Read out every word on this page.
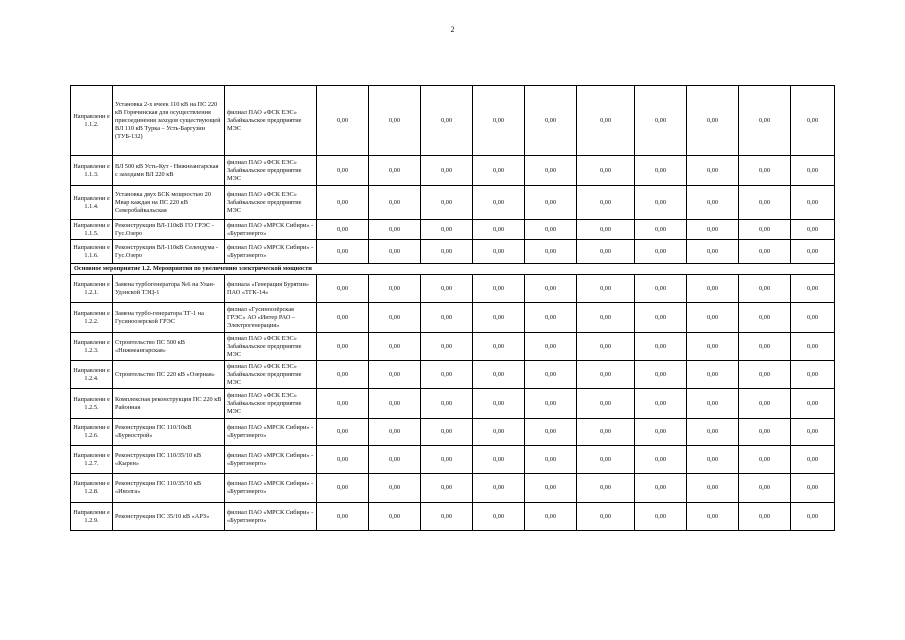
2
Направлени е 1.1.2.	Установка 2-х ячеек 110 кВ на ПС 220 кВ Горячинская для осуществления присоединения заходов существующей ВЛ 110 кВ Турка – Усть-Баргузин (ТУБ-132)	филиал ПАО «ФСК ЕЭС» Забайкальское предприятие МЭС	0,00	0,00	0,00	0,00	0,00	0,00	0,00	0,00	0,00	0,00
Направлени е 1.1.3.	ВЛ 500 кВ Усть-Кут - Нижнеангарская с заходами ВЛ 220 кВ	филиал ПАО «ФСК ЕЭС» Забайкальское предприятие МЭС	0,00	0,00	0,00	0,00	0,00	0,00	0,00	0,00	0,00	0,00
Направлени е 1.1.4.	Установка двух БСК мощностью 20 Мвар каждая на ПС 220 кВ Северобайкальская	филиал ПАО «ФСК ЕЭС» Забайкальское предприятие МЭС	0,00	0,00	0,00	0,00	0,00	0,00	0,00	0,00	0,00	0,00
Направлени е 1.1.5.	Реконструкция ВЛ-110кВ ГО ГРЭС - Гус.Озеро	филиал ПАО «МРСК Сибири» - «Бурятэнерго»	0,00	0,00	0,00	0,00	0,00	0,00	0,00	0,00	0,00	0,00
Направлени е 1.1.6.	Реконструкция ВЛ-110кВ Селендума - Гус.Озеро	филиал ПАО «МРСК Сибири» - «Бурятэнерго»	0,00	0,00	0,00	0,00	0,00	0,00	0,00	0,00	0,00	0,00
Основное мероприятие 1.2. Мероприятия по увеличению электрической мощности												
Направлени е 1.2.1.	Замена турбогенератора №6 на Улан-Удэнской ТЭЦ-1	филиала «Генерация Бурятии» ПАО «ТГК-14»	0,00	0,00	0,00	0,00	0,00	0,00	0,00	0,00	0,00	0,00
Направлени е 1.2.2.	Замена турбо-генератора ТГ-1 на Гусиноозерской ГРЭС	филиал «Гусиноозёрская ГРЭС» АО «Интер РАО – Электрогенерация»	0,00	0,00	0,00	0,00	0,00	0,00	0,00	0,00	0,00	0,00
Направлени е 1.2.3.	Строительство ПС 500 кВ «Нижнеангарская»	филиал ПАО «ФСК ЕЭС» Забайкальское предприятие МЭС	0,00	0,00	0,00	0,00	0,00	0,00	0,00	0,00	0,00	0,00
Направлени е 1.2.4.	Строительство ПС 220 кВ «Озерная»	филиал ПАО «ФСК ЕЭС» Забайкальское предприятие МЭС	0,00	0,00	0,00	0,00	0,00	0,00	0,00	0,00	0,00	0,00
Направлени е 1.2.5.	Комплексная реконструкция ПС 220 кВ Районная	филиал ПАО «ФСК ЕЭС» Забайкальское предприятие МЭС	0,00	0,00	0,00	0,00	0,00	0,00	0,00	0,00	0,00	0,00
Направлени е 1.2.6.	Реконструкция ПС 110/10кВ «Бурвострой»	филиал ПАО «МРСК Сибири» - «Бурятэнерго»	0,00	0,00	0,00	0,00	0,00	0,00	0,00	0,00	0,00	0,00
Направлени е 1.2.7.	Реконструкция ПС 110/35/10 кВ «Кырен»	филиал ПАО «МРСК Сибири» - «Бурятэнерго»	0,00	0,00	0,00	0,00	0,00	0,00	0,00	0,00	0,00	0,00
Направлени е 1.2.8.	Реконструкция ПС 110/35/10 кВ «Иволга»	филиал ПАО «МРСК Сибири» - «Бурятэнерго»	0,00	0,00	0,00	0,00	0,00	0,00	0,00	0,00	0,00	0,00
Направлени е 1.2.9.	Реконструкция ПС 35/10 кВ «АРЗ»	филиал ПАО «МРСК Сибири» - «Бурятэнерго»	0,00	0,00	0,00	0,00	0,00	0,00	0,00	0,00	0,00	0,00
